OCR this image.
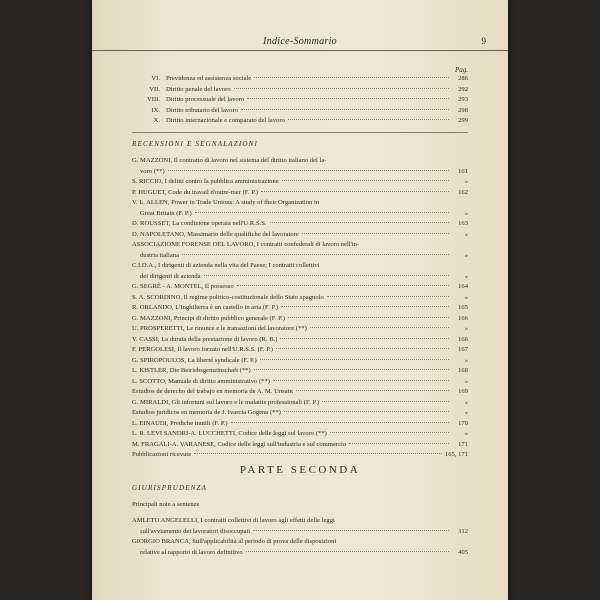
Indice-Sommario	9
Pag.
VI. Previdenza ed assistenza sociale	286
VII. Diritto penale del lavoro	292
VIII. Diritto processuale del lavoro	293
IX. Diritto tributario del lavoro	298
X. Diritto internazionale e comparato del lavoro	299
RECENSIONI E SEGNALAZIONI
G. MAZZONI, Il contratto di lavoro nel sistema del diritto italiano del la-
voro (**)	161
S. RICCIO, I delitti contro la pubblica amministrazione	»
P. HUGUET, Code du travail d'outre-mer (F. P.)	162
V. L. ALLEN, Power in Trade Unions: A study of their Organization in
Great Britain (F. P.)	»
D. ROUSSET, La condizione operaia nell'U.R.S.S.	163
D. NAPOLETANO, Massimario delle qualifiche del lavoratore	»
ASSOCIAZIONE FORENSE DEL LAVORO, I contratti confederali di lavoro nell'in-
dustria italiana	»
C.I.D.A., I dirigenti di azienda nella vita del Paese; I contratti collettivi
dei dirigenti di azienda	»
G. SEGRÈ - A. MONTEL, Il possesso	164
S. A. SCORDINO, Il regime politico-costituzionale dello Stato spagnolo	»
R. ORLANDO, L'Inghilterra è un castello in aria (F. P.)	165
G. MAZZONI, Principi di diritto pubblico generale (F. P.)	166
U. PROSPERETTI, Le rinunce e le transazioni del lavoratore (**)	»
V. CASSI, La durata della prestazione di lavoro (R. B.)	166
F. PERGOLESI, Il lavoro forzato nell'U.R.S.S. (F. P.)	167
G. SPIROPOULOS, La liberté syndicale (F. P.)	»
L. KISTLER, Die Betriebsgemeinschaft (**)	168
L. SCOTTO, Manuale di diritto amministrativo (**)	»
Estudios de derecho del trabajo en memoria de A. M. Unsain	169
G. MIRALDI, Gli infortuni sul lavoro e le malattie professionali (F. P.)	»
Estudios juridicos en memoria de J. Ivarcia Gogena (**)	»
L. EINAUDI, Prediche inutili (F. P.)	170
L. R. LEVI SANDRI-A. LUCCHETTI, Codice delle leggi sul lavoro (**)	»
M. FRAGALI-A. VARANESE, Codice delle leggi sull'industria e sul commercio	171
Pubblicazioni ricevute	165, 171
PARTE SECONDA
GIURISPRUDENZA
Principali note a sentenze
AMLETO ANGELELLI, I contratti collettivi di lavoro agli effetti delle leggi
sull'avviamento dei lavoratori disoccupati	112
GIORGIO BRANCA, Sull'applicabilità al periodo di prova delle disposizioni
relative al rapporto di lavoro definitivo	405
